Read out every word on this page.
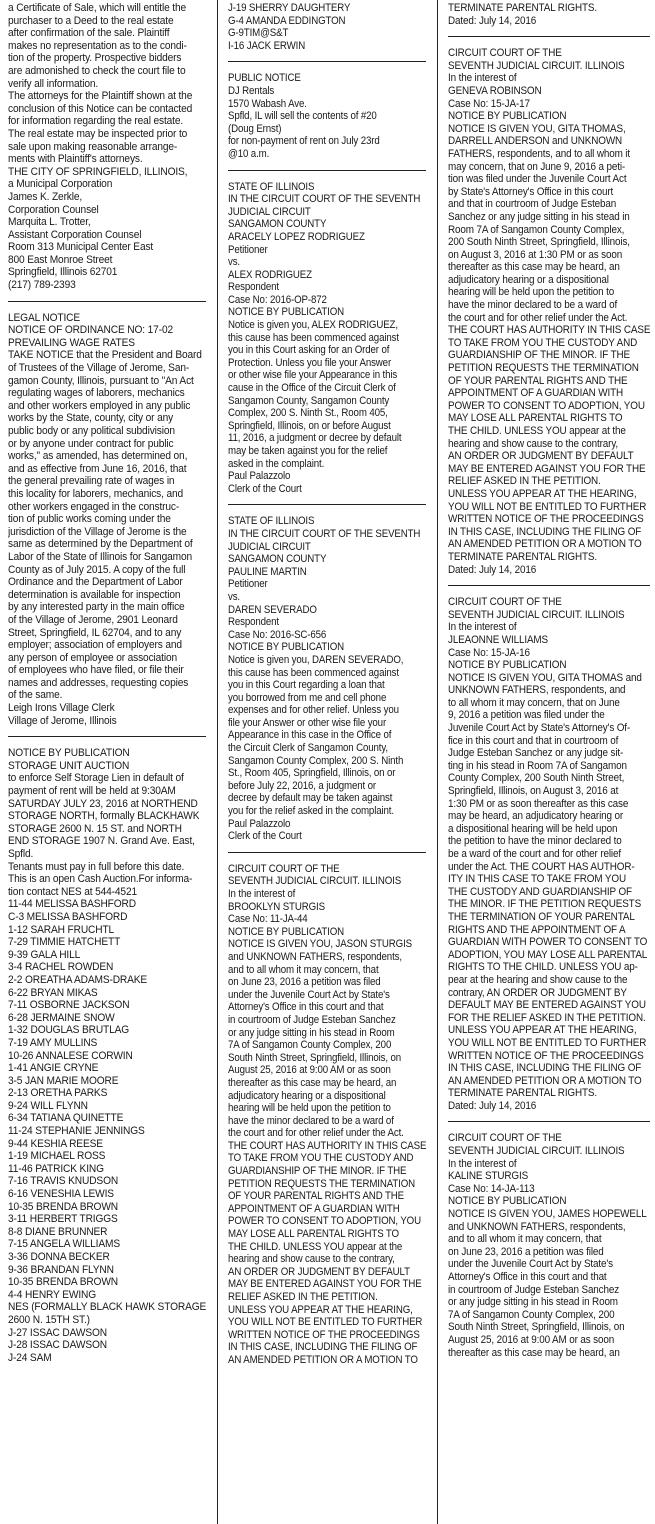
a Certificate of Sale, which will entitle the
purchaser to a Deed to the real estate
after confirmation of the sale. Plaintiff
makes no representation as to the condi-
tion of the property. Prospective bidders
are admonished to check the court file to
verify all information.
The attorneys for the Plaintiff shown at the
conclusion of this Notice can be contacted
for information regarding the real estate.
The real estate may be inspected prior to
sale upon making reasonable arrange-
ments with Plaintiff's attorneys.
THE CITY OF SPRINGFIELD, ILLINOIS,
a Municipal Corporation
James K. Zerkle,
Corporation Counsel
Marquita L. Trotter,
Assistant Corporation Counsel
Room 313 Municipal Center East
800 East Monroe Street
Springfield, Illinois 62701
(217) 789-2393
LEGAL NOTICE
NOTICE OF ORDINANCE NO: 17-02
PREVAILING WAGE RATES
TAKE NOTICE that the President and Board
of Trustees of the Village of Jerome, San-
gamon County, Illinois, pursuant to "An Act
regulating wages of laborers, mechanics
and other workers employed in any public
works by the State, county, city or any
public body or any political subdivision
or by anyone under contract for public
works," as amended, has determined on,
and as effective from June 16, 2016, that
the general prevailing rate of wages in
this locality for laborers, mechanics, and
other workers engaged in the construc-
tion of public works coming under the
jurisdiction of the Village of Jerome is the
same as determined by the Department of
Labor of the State of Illinois for Sangamon
County as of July 2015. A copy of the full
Ordinance and the Department of Labor
determination is available for inspection
by any interested party in the main office
of the Village of Jerome, 2901 Leonard
Street, Springfield, IL 62704, and to any
employer; association of employers and
any person of employee or association
of employees who have filed, or file their
names and addresses, requesting copies
of the same.
Leigh Irons Village Clerk
Village of Jerome, Illinois
NOTICE BY PUBLICATION
STORAGE UNIT AUCTION
to enforce Self Storage Lien in default of
payment of rent will be held at 9:30AM
SATURDAY JULY 23, 2016 at NORTHEND
STORAGE NORTH, formally BLACKHAWK
STORAGE 2600 N. 15 ST. and NORTH
END STORAGE 1907 N. Grand Ave. East,
Spfld.
Tenants must pay in full before this date.
This is an open Cash Auction.For informa-
tion contact NES at 544-4521
11-44 MELISSA BASHFORD
C-3 MELISSA BASHFORD
1-12 SARAH FRUCHTL
7-29 TIMMIE HATCHETT
9-39 GALA HILL
3-4 RACHEL ROWDEN
2-2 OREATHA ADAMS-DRAKE
6-22 BRYAN MIKAS
7-11 OSBORNE JACKSON
6-28 JERMAINE SNOW
1-32 DOUGLAS BRUTLAG
7-19 AMY MULLINS
10-26 ANNALESE CORWIN
1-41 ANGIE CRYNE
3-5 JAN MARIE MOORE
2-13 ORETHA PARKS
9-24 WILL FLYNN
6-34 TATIANA QUINETTE
11-24 STEPHANIE JENNINGS
9-44 KESHIA REESE
1-19 MICHAEL ROSS
11-46 PATRICK KING
7-16 TRAVIS KNUDSON
6-16 VENESHIA LEWIS
10-35 BRENDA BROWN
3-11 HERBERT TRIGGS
8-8 DIANE BRUNNER
7-15 ANGELA WILLIAMS
3-36 DONNA BECKER
9-36 BRANDAN FLYNN
10-35 BRENDA BROWN
4-4 HENRY EWING
NES (FORMALLY BLACK HAWK STORAGE
2600 N. 15TH ST.)
J-27 ISSAC DAWSON
J-28 ISSAC DAWSON
J-24 SAM
J-19 SHERRY DAUGHTERY
G-4 AMANDA EDDINGTON
G-9TIM@S&T
I-16 JACK ERWIN
PUBLIC NOTICE
DJ Rentals
1570 Wabash Ave.
Spfld, IL will sell the contents of #20
(Doug Ernst)
for non-payment of rent on July 23rd
@10 a.m.
STATE OF ILLINOIS
IN THE CIRCUIT COURT OF THE SEVENTH
JUDICIAL CIRCUIT
SANGAMON COUNTY
ARACELY LOPEZ RODRIGUEZ
Petitioner
vs.
ALEX RODRIGUEZ
Respondent
Case No: 2016-OP-872
NOTICE BY PUBLICATION
Notice is given you, ALEX RODRIGUEZ,
this cause has been commenced against
you in this Court asking for an Order of
Protection. Unless you file your Answer
or other wise file your Appearance in this
cause in the Office of the Circuit Clerk of
Sangamon County, Sangamon County
Complex, 200 S. Ninth St., Room 405,
Springfield, Illinois, on or before August
11, 2016, a judgment or decree by default
may be taken against you for the relief
asked in the complaint.
Paul Palazzolo
Clerk of the Court
STATE OF ILLINOIS
IN THE CIRCUIT COURT OF THE SEVENTH
JUDICIAL CIRCUIT
SANGAMON COUNTY
PAULINE MARTIN
Petitioner
vs.
DAREN SEVERADO
Respondent
Case No: 2016-SC-656
NOTICE BY PUBLICATION
Notice is given you, DAREN SEVERADO,
this cause has been commenced against
you in this Court regarding a loan that
you borrowed from me and cell phone
expenses and for other relief. Unless you
file your Answer or other wise file your
Appearance in this case in the Office of
the Circuit Clerk of Sangamon County,
Sangamon County Complex, 200 S. Ninth
St., Room 405, Springfield, Illinois, on or
before July 22, 2016, a judgment or
decree by default may be taken against
you for the relief asked in the complaint.
Paul Palazzolo
Clerk of the Court
CIRCUIT COURT OF THE
SEVENTH JUDICIAL CIRCUIT. ILLINOIS
In the interest of
BROOKLYN STURGIS
Case No: 11-JA-44
NOTICE BY PUBLICATION
NOTICE IS GIVEN YOU, JASON STURGIS
and UNKNOWN FATHERS, respondents,
and to all whom it may concern, that
on June 23, 2016 a petition was filed
under the Juvenile Court Act by State's
Attorney's Office in this court and that
in courtroom of Judge Esteban Sanchez
or any judge sitting in his stead in Room
7A of Sangamon County Complex, 200
South Ninth Street, Springfield, Illinois, on
August 25, 2016 at 9:00 AM or as soon
thereafter as this case may be heard, an
adjudicatory hearing or a dispositional
hearing will be held upon the petition to
have the minor declared to be a ward of
the court and for other relief under the Act.
THE COURT HAS AUTHORITY IN THIS CASE
TO TAKE FROM YOU THE CUSTODY AND
GUARDIANSHIP OF THE MINOR. IF THE
PETITION REQUESTS THE TERMINATION
OF YOUR PARENTAL RIGHTS AND THE
APPOINTMENT OF A GUARDIAN WITH
POWER TO CONSENT TO ADOPTION, YOU
MAY LOSE ALL PARENTAL RIGHTS TO
THE CHILD. UNLESS YOU appear at the
hearing and show cause to the contrary,
AN ORDER OR JUDGMENT BY DEFAULT
MAY BE ENTERED AGAINST YOU FOR THE
RELIEF ASKED IN THE PETITION.
UNLESS YOU APPEAR AT THE HEARING,
YOU WILL NOT BE ENTITLED TO FURTHER
WRITTEN NOTICE OF THE PROCEEDINGS
IN THIS CASE, INCLUDING THE FILING OF
AN AMENDED PETITION OR A MOTION TO
TERMINATE PARENTAL RIGHTS.
Dated: July 14, 2016
CIRCUIT COURT OF THE
SEVENTH JUDICIAL CIRCUIT. ILLINOIS
In the interest of
GENEVA ROBINSON
Case No: 15-JA-17
NOTICE BY PUBLICATION
NOTICE IS GIVEN YOU, GITA THOMAS,
DARRELL ANDERSON and UNKNOWN
FATHERS, respondents, and to all whom it
may concern, that on June 9, 2016 a peti-
tion was filed under the Juvenile Court Act
by State's Attorney's Office in this court
and that in courtroom of Judge Esteban
Sanchez or any judge sitting in his stead in
Room 7A of Sangamon County Complex,
200 South Ninth Street, Springfield, Illinois,
on August 3, 2016 at 1:30 PM or as soon
thereafter as this case may be heard, an
adjudicatory hearing or a dispositional
hearing will be held upon the petition to
have the minor declared to be a ward of
the court and for other relief under the Act.
THE COURT HAS AUTHORITY IN THIS CASE
TO TAKE FROM YOU THE CUSTODY AND
GUARDIANSHIP OF THE MINOR. IF THE
PETITION REQUESTS THE TERMINATION
OF YOUR PARENTAL RIGHTS AND THE
APPOINTMENT OF A GUARDIAN WITH
POWER TO CONSENT TO ADOPTION, YOU
MAY LOSE ALL PARENTAL RIGHTS TO
THE CHILD. UNLESS YOU appear at the
hearing and show cause to the contrary,
AN ORDER OR JUDGMENT BY DEFAULT
MAY BE ENTERED AGAINST YOU FOR THE
RELIEF ASKED IN THE PETITION.
UNLESS YOU APPEAR AT THE HEARING,
YOU WILL NOT BE ENTITLED TO FURTHER
WRITTEN NOTICE OF THE PROCEEDINGS
IN THIS CASE, INCLUDING THE FILING OF
AN AMENDED PETITION OR A MOTION TO
TERMINATE PARENTAL RIGHTS.
Dated: July 14, 2016
CIRCUIT COURT OF THE
SEVENTH JUDICIAL CIRCUIT. ILLINOIS
In the interest of
JLEAONNE WILLIAMS
Case No: 15-JA-16
NOTICE BY PUBLICATION
NOTICE IS GIVEN YOU, GITA THOMAS and
UNKNOWN FATHERS, respondents, and
to all whom it may concern, that on June
9, 2016 a petition was filed under the
Juvenile Court Act by State's Attorney's Of-
fice in this court and that in courtroom of
Judge Esteban Sanchez or any judge sit-
ting in his stead in Room 7A of Sangamon
County Complex, 200 South Ninth Street,
Springfield, Illinois, on August 3, 2016 at
1:30 PM or as soon thereafter as this case
may be heard, an adjudicatory hearing or
a dispositional hearing will be held upon
the petition to have the minor declared to
be a ward of the court and for other relief
under the Act. THE COURT HAS AUTHOR-
ITY IN THIS CASE TO TAKE FROM YOU
THE CUSTODY AND GUARDIANSHIP OF
THE MINOR. IF THE PETITION REQUESTS
THE TERMINATION OF YOUR PARENTAL
RIGHTS AND THE APPOINTMENT OF A
GUARDIAN WITH POWER TO CONSENT TO
ADOPTION, YOU MAY LOSE ALL PARENTAL
RIGHTS TO THE CHILD. UNLESS YOU ap-
pear at the hearing and show cause to the
contrary, AN ORDER OR JUDGMENT BY
DEFAULT MAY BE ENTERED AGAINST YOU
FOR THE RELIEF ASKED IN THE PETITION.
UNLESS YOU APPEAR AT THE HEARING,
YOU WILL NOT BE ENTITLED TO FURTHER
WRITTEN NOTICE OF THE PROCEEDINGS
IN THIS CASE, INCLUDING THE FILING OF
AN AMENDED PETITION OR A MOTION TO
TERMINATE PARENTAL RIGHTS.
Dated: July 14, 2016
CIRCUIT COURT OF THE
SEVENTH JUDICIAL CIRCUIT. ILLINOIS
In the interest of
KALINE STURGIS
Case No: 14-JA-113
NOTICE BY PUBLICATION
NOTICE IS GIVEN YOU, JAMES HOPEWELL
and UNKNOWN FATHERS, respondents,
and to all whom it may concern, that
on June 23, 2016 a petition was filed
under the Juvenile Court Act by State's
Attorney's Office in this court and that
in courtroom of Judge Esteban Sanchez
or any judge sitting in his stead in Room
7A of Sangamon County Complex, 200
South Ninth Street, Springfield, Illinois, on
August 25, 2016 at 9:00 AM or as soon
thereafter as this case may be heard, an
